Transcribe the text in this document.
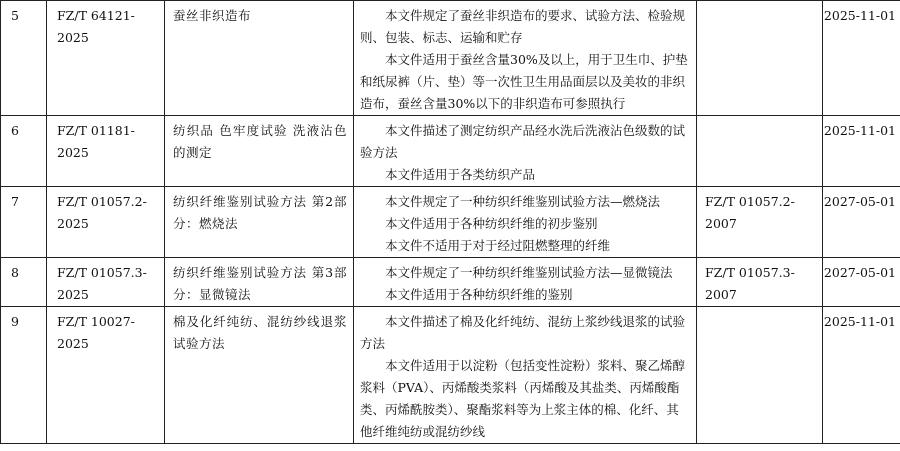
5	FZ/T 64121-2025	蚕丝非织造布	本文件规定了蚕丝非织造布的要求、试验方法、检验规则、包装、标志、运输和贮存
本文件适用于蚕丝含量30%及以上，用于卫生巾、护垫和纸尿裤（片、垫）等一次性卫生用品面层以及美妆的非织造布，蚕丝含量30%以下的非织造布可参照执行		2025-11-01
6	FZ/T 01181-2025	纺织品 色牢度试验 洗液沾色的测定	本文件描述了测定纺织产品经水洗后洗液沾色级数的试验方法
本文件适用于各类纺织产品		2025-11-01
7	FZ/T 01057.2-2025	纺织纤维鉴别试验方法 第2部分：燃烧法	本文件规定了一种纺织纤维鉴别试验方法—燃烧法
本文件适用于各种纺织纤维的初步鉴别
本文件不适用于对于经过阻燃整理的纤维	FZ/T 01057.2-2007	2027-05-01
8	FZ/T 01057.3-2025	纺织纤维鉴别试验方法 第3部分：显微镜法	本文件规定了一种纺织纤维鉴别试验方法—显微镜法
本文件适用于各种纺织纤维的鉴别	FZ/T 01057.3-2007	2027-05-01
9	FZ/T 10027-2025	棉及化纤纯纺、混纺纱线退浆试验方法	本文件描述了棉及化纤纯纺、混纺上浆纱线退浆的试验方法
本文件适用于以淀粉（包括变性淀粉）浆料、聚乙烯醇浆料（PVA）、丙烯酸类浆料（丙烯酸及其盐类、丙烯酸酯类、丙烯酰胺类）、聚酯浆料等为上浆主体的棉、化纤、其他纤维纯纺或混纺纱线		2025-11-01
